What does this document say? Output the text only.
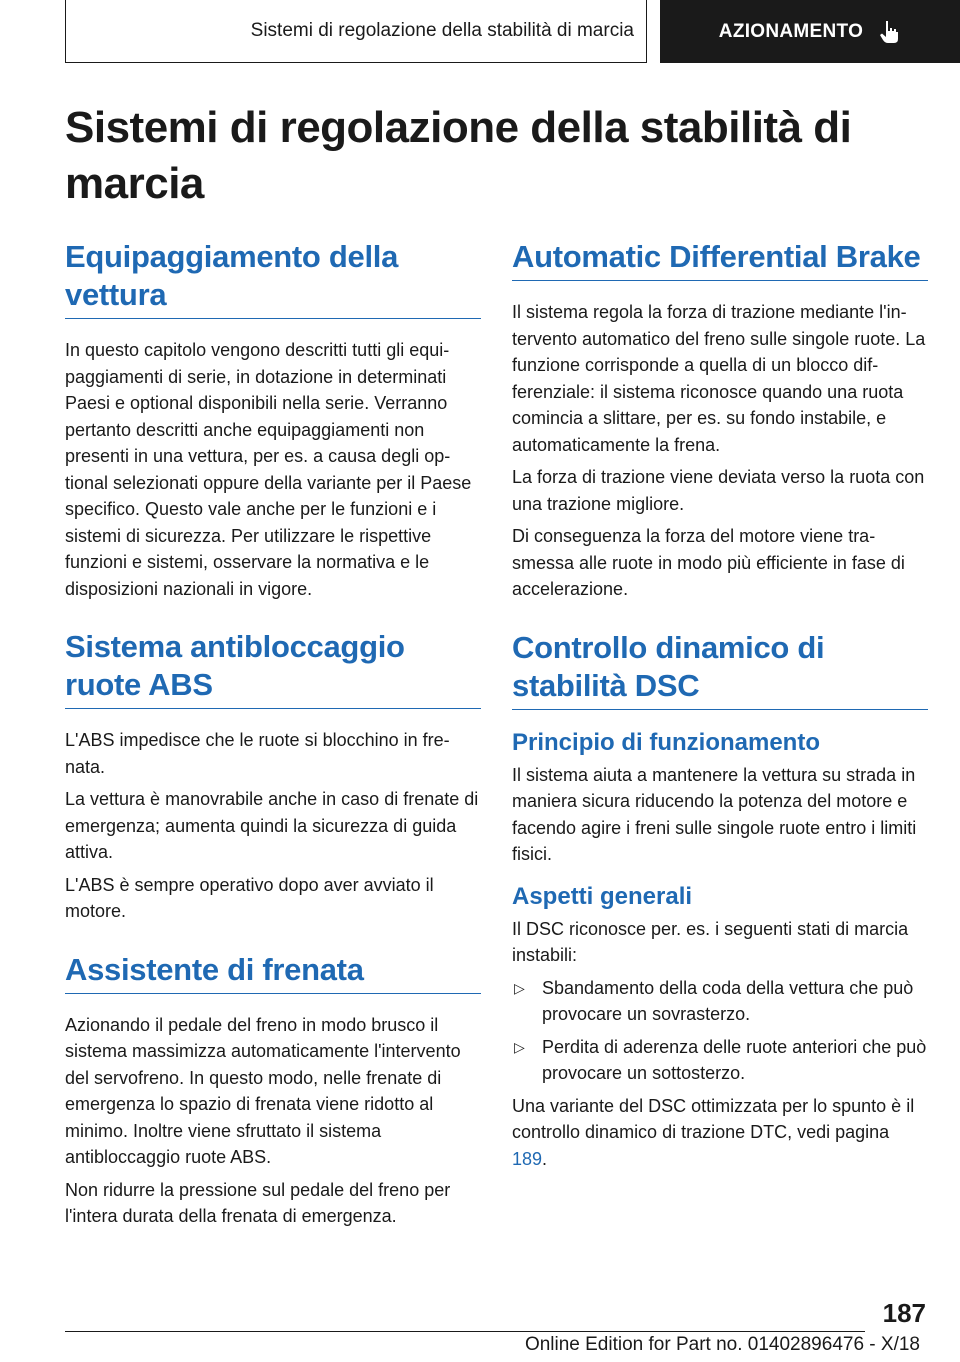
Sistemi di regolazione della stabilità di marcia	AZIONAMENTO
Sistemi di regolazione della stabilità di marcia
Equipaggiamento della vettura

In questo capitolo vengono descritti tutti gli equipaggiamenti di serie, in dotazione in determinati Paesi e optional disponibili nella serie. Verranno pertanto descritti anche equipaggiamenti non presenti in una vettura, per es. a causa degli optional selezionati oppure della variante per il Paese specifico. Questo vale anche per le funzioni e i sistemi di sicurezza. Per utilizzare le rispettive funzioni e sistemi, osservare la normativa e le disposizioni nazionali in vigore.

Sistema antibloccaggio ruote ABS

L'ABS impedisce che le ruote si blocchino in frenata.

La vettura è manovrabile anche in caso di frenate di emergenza; aumenta quindi la sicurezza di guida attiva.

L'ABS è sempre operativo dopo aver avviato il motore.

Assistente di frenata

Azionando il pedale del freno in modo brusco il sistema massimizza automaticamente l'intervento del servofreno. In questo modo, nelle frenate di emergenza lo spazio di frenata viene ridotto al minimo. Inoltre viene sfruttato il sistema antibloccaggio ruote ABS.

Non ridurre la pressione sul pedale del freno per l'intera durata della frenata di emergenza.

Automatic Differential Brake

Il sistema regola la forza di trazione mediante l'intervento automatico del freno sulle singole ruote. La funzione corrisponde a quella di un blocco differenziale: il sistema riconosce quando una ruota comincia a slittare, per es. su fondo instabile, e automaticamente la frena.

La forza di trazione viene deviata verso la ruota con una trazione migliore.

Di conseguenza la forza del motore viene trasmessa alle ruote in modo più efficiente in fase di accelerazione.

Controllo dinamico di stabilità DSC
Principio di funzionamento

Il sistema aiuta a mantenere la vettura su strada in maniera sicura riducendo la potenza del motore e facendo agire i freni sulle singole ruote entro i limiti fisici.

Aspetti generali

Il DSC riconosce per. es. i seguenti stati di marcia instabili:

▷ Sbandamento della coda della vettura che può provocare un sovrasterzo.
▷ Perdita di aderenza delle ruote anteriori che può provocare un sottosterzo.

Una variante del DSC ottimizzata per lo spunto è il controllo dinamico di trazione DTC, vedi pagina 189.

187
Online Edition for Part no. 01402896476 - X/18
